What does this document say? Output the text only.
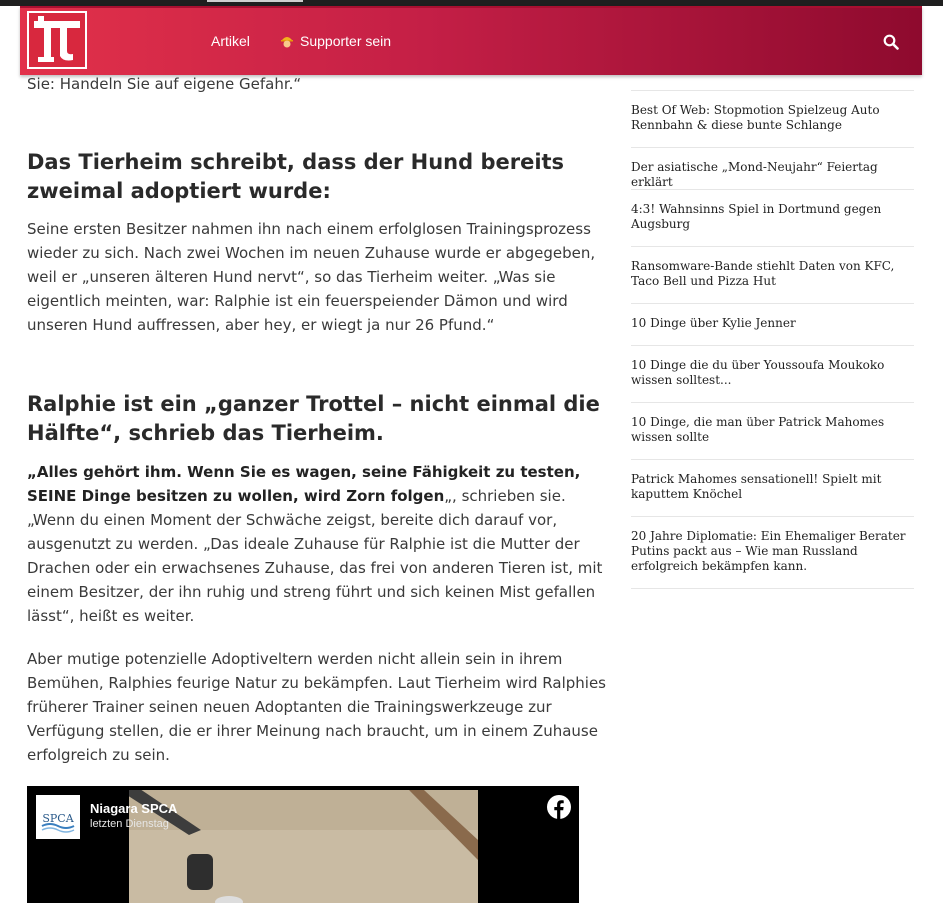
Artikel	Supporter sein
Sie: Handeln Sie auf eigene Gefahr.“
Das Tierheim schreibt, dass der Hund bereits zweimal adoptiert wurde:
Seine ersten Besitzer nahmen ihn nach einem erfolglosen Trainingsprozess wieder zu sich. Nach zwei Wochen im neuen Zuhause wurde er abgegeben, weil er „unseren älteren Hund nervt“, so das Tierheim weiter. „Was sie eigentlich meinten, war: Ralphie ist ein feuerspeiender Dämon und wird unseren Hund auffressen, aber hey, er wiegt ja nur 26 Pfund.“
Ralphie ist ein „ganzer Trottel – nicht einmal die Hälfte“, schrieb das Tierheim.
„Alles gehört ihm. Wenn Sie es wagen, seine Fähigkeit zu testen, SEINE Dinge besitzen zu wollen, wird Zorn folgen„, schrieben sie. „Wenn du einen Moment der Schwäche zeigst, bereite dich darauf vor, ausgenutzt zu werden. „Das ideale Zuhause für Ralphie ist die Mutter der Drachen oder ein erwachsenes Zuhause, das frei von anderen Tieren ist, mit einem Besitzer, der ihn ruhig und streng führt und sich keinen Mist gefallen lässt“, heißt es weiter.
Aber mutige potenzielle Adoptiveltern werden nicht allein sein in ihrem Bemühen, Ralphies feurige Natur zu bekämpfen. Laut Tierheim wird Ralphies früherer Trainer seinen neuen Adoptanten die Trainingswerkzeuge zur Verfügung stellen, die er ihrer Meinung nach braucht, um in einem Zuhause erfolgreich zu sein.
SPCA
Niagara SPCA
letzten Dienstag
Best Of Web: Stopmotion Spielzeug Auto Rennbahn & diese bunte Schlange
Der asiatische „Mond-Neujahr“ Feiertag erklärt
4:3! Wahnsinns Spiel in Dortmund gegen Augsburg
Ransomware-Bande stiehlt Daten von KFC, Taco Bell und Pizza Hut
10 Dinge über Kylie Jenner
10 Dinge die du über Youssoufa Moukoko wissen solltest...
10 Dinge, die man über Patrick Mahomes wissen sollte
Patrick Mahomes sensationell! Spielt mit kaputtem Knöchel
20 Jahre Diplomatie: Ein Ehemaliger Berater Putins packt aus – Wie man Russland erfolgreich bekämpfen kann.
